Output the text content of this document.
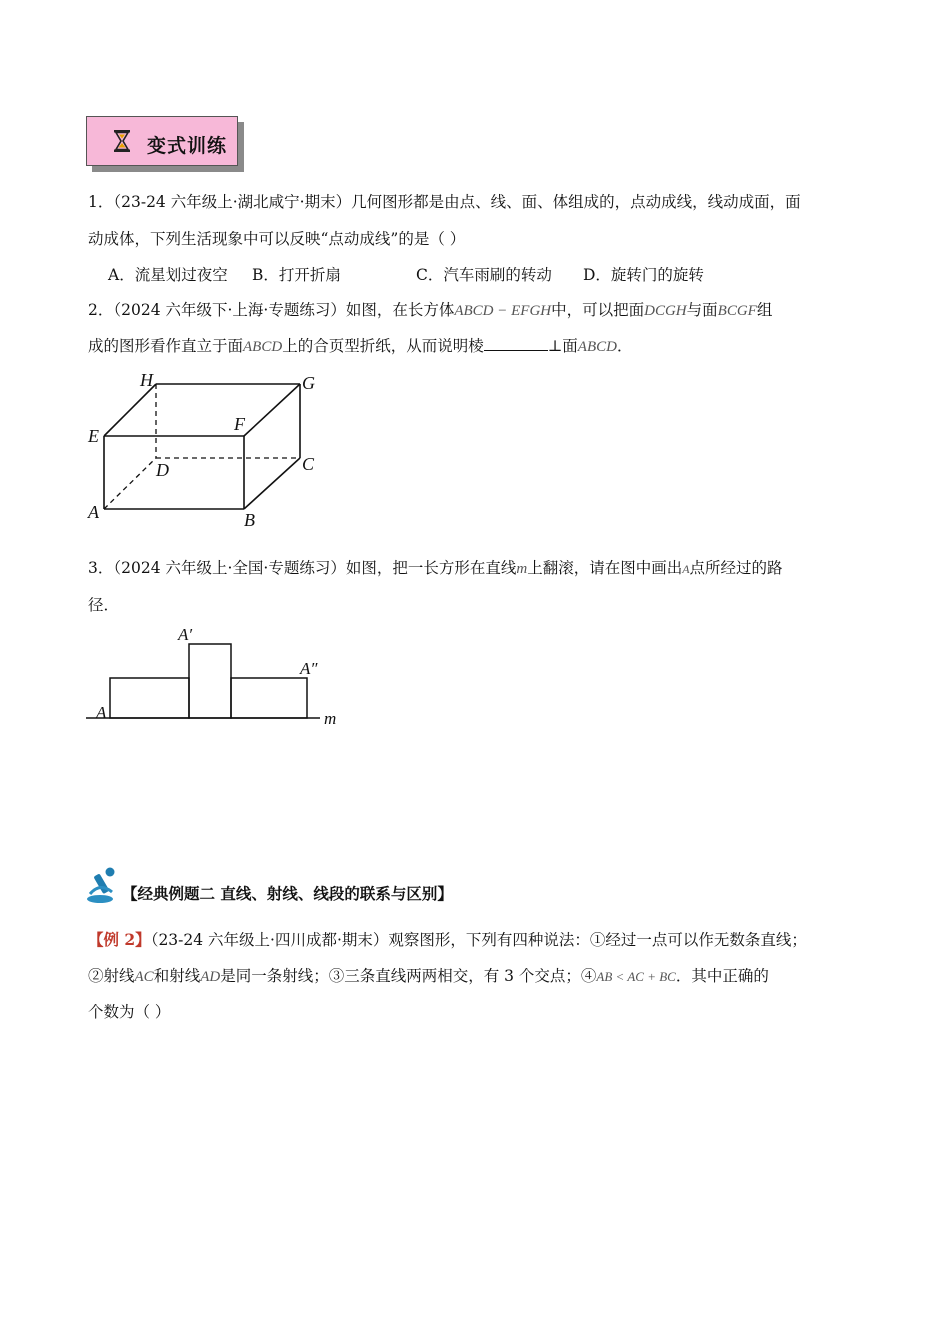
变式训练
1．（23-24 六年级上·湖北咸宁·期末）几何图形都是由点、线、面、体组成的，点动成线，线动成面，面
动成体，下列生活现象中可以反映“点动成线”的是（ ）
A．流星划过夜空 B．打开折扇	C．汽车雨刷的转动 D．旋转门的旋转
2．（2024 六年级下·上海·专题练习）如图，在长方体ABCD − EFGH中，可以把面DCGH与面BCGF组
成的图形看作直立于面ABCD上的合页型折纸，从而说明棱	⊥面ABCD．
H	G
E
F
D	C
A	B
3．（2024 六年级上·全国·专题练习）如图，把一长方形在直线m上翻滚，请在图中画出A点所经过的路
径．
A
A′
A″
m
【经典例题二 直线、射线、线段的联系与区别】
【例 2】（23-24 六年级上·四川成都·期末）观察图形，下列有四种说法：①经过一点可以作无数条直线；
②射线AC和射线AD是同一条射线；③三条直线两两相交，有 3 个交点；④AB < AC + BC．其中正确的
个数为（ ）
